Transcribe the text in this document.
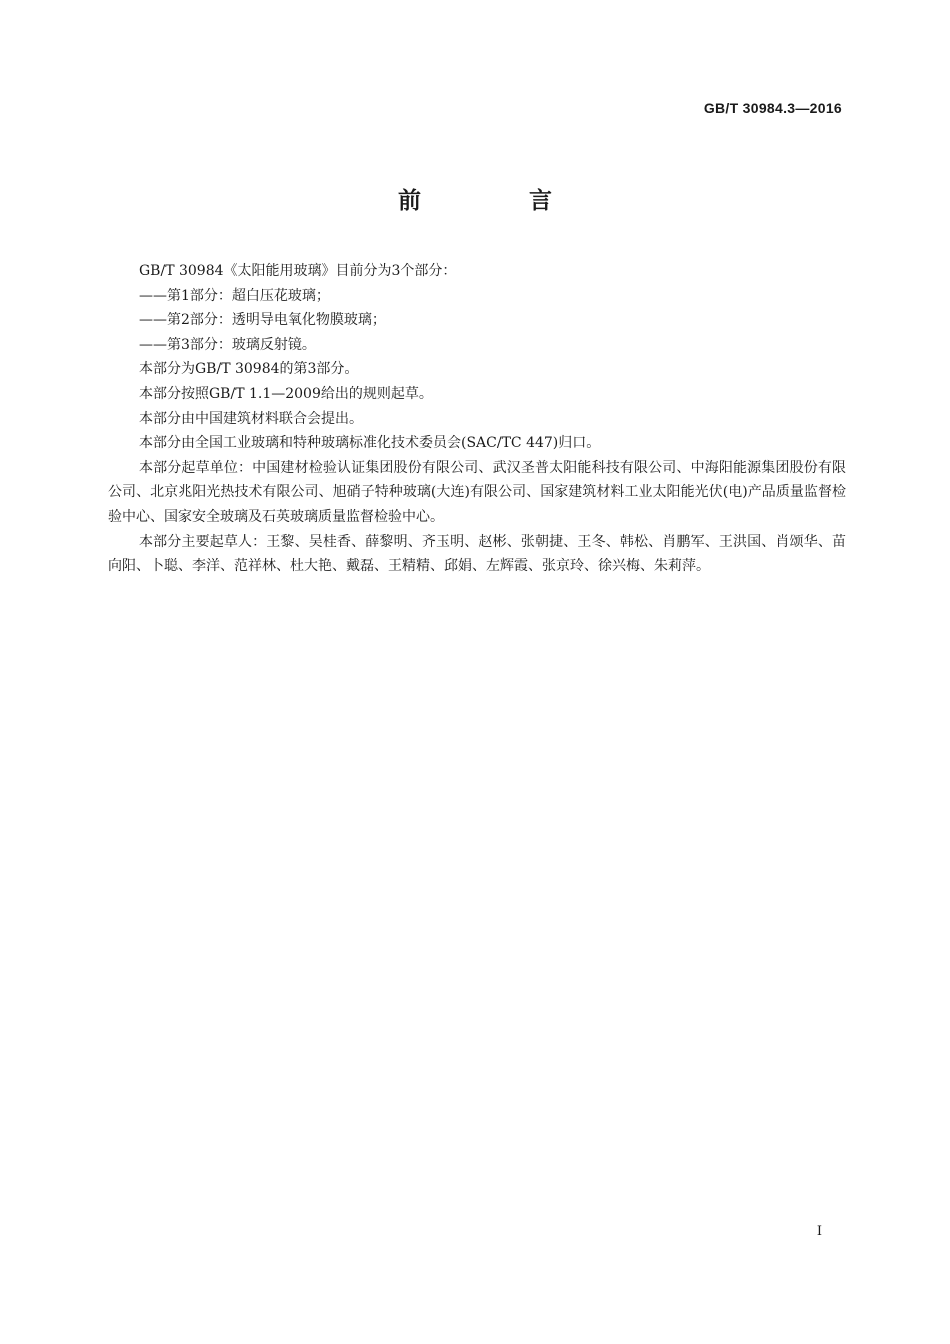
GB/T 30984.3—2016
前 言

GB/T 30984《太阳能用玻璃》目前分为3个部分：

——第1部分：超白压花玻璃；

——第2部分：透明导电氧化物膜玻璃；

——第3部分：玻璃反射镜。

本部分为GB/T 30984的第3部分。

本部分按照GB/T 1.1—2009给出的规则起草。

本部分由中国建筑材料联合会提出。

本部分由全国工业玻璃和特种玻璃标准化技术委员会(SAC/TC 447)归口。

本部分起草单位：中国建材检验认证集团股份有限公司、武汉圣普太阳能科技有限公司、中海阳能源集团股份有限公司、北京兆阳光热技术有限公司、旭硝子特种玻璃(大连)有限公司、国家建筑材料工业太阳能光伏(电)产品质量监督检验中心、国家安全玻璃及石英玻璃质量监督检验中心。

本部分主要起草人：王黎、吴桂香、薛黎明、齐玉明、赵彬、张朝捷、王冬、韩松、肖鹏军、王洪国、肖颂华、苗向阳、卜聪、李洋、范祥林、杜大艳、戴磊、王精精、邱娟、左辉霞、张京玲、徐兴梅、朱莉萍。

I
